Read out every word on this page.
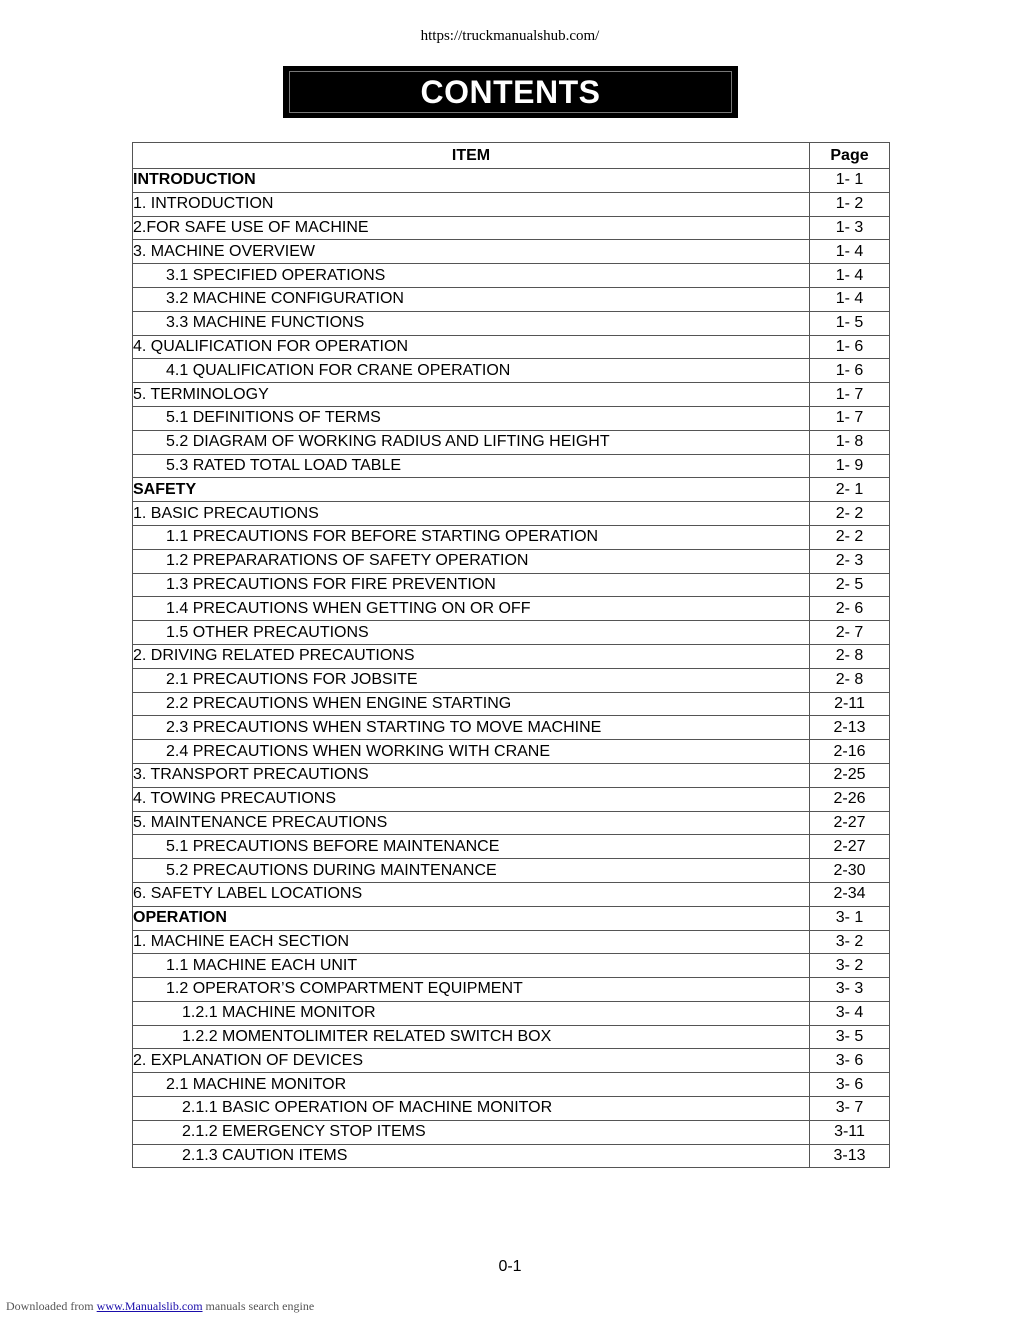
https://truckmanualshub.com/
CONTENTS
ITEM	Page
INTRODUCTION	1- 1
1. INTRODUCTION	1- 2
2.FOR SAFE USE OF MACHINE	1- 3
3. MACHINE OVERVIEW	1- 4
3.1 SPECIFIED OPERATIONS	1- 4
3.2 MACHINE CONFIGURATION	1- 4
3.3 MACHINE FUNCTIONS	1- 5
4. QUALIFICATION FOR OPERATION	1- 6
4.1 QUALIFICATION FOR CRANE OPERATION	1- 6
5. TERMINOLOGY	1- 7
5.1 DEFINITIONS OF TERMS	1- 7
5.2 DIAGRAM OF WORKING RADIUS AND LIFTING HEIGHT	1- 8
5.3 RATED TOTAL LOAD TABLE	1- 9
SAFETY	2- 1
1. BASIC PRECAUTIONS	2- 2
1.1 PRECAUTIONS FOR BEFORE STARTING OPERATION	2- 2
1.2 PREPARARATIONS OF SAFETY OPERATION	2- 3
1.3 PRECAUTIONS FOR FIRE PREVENTION	2- 5
1.4 PRECAUTIONS WHEN GETTING ON OR OFF	2- 6
1.5 OTHER PRECAUTIONS	2- 7
2. DRIVING RELATED PRECAUTIONS	2- 8
2.1 PRECAUTIONS FOR JOBSITE	2- 8
2.2 PRECAUTIONS WHEN ENGINE STARTING	2-11
2.3 PRECAUTIONS WHEN STARTING TO MOVE MACHINE	2-13
2.4 PRECAUTIONS WHEN WORKING WITH CRANE	2-16
3. TRANSPORT PRECAUTIONS	2-25
4. TOWING PRECAUTIONS	2-26
5. MAINTENANCE PRECAUTIONS	2-27
5.1 PRECAUTIONS BEFORE MAINTENANCE	2-27
5.2 PRECAUTIONS DURING MAINTENANCE	2-30
6. SAFETY LABEL LOCATIONS	2-34
OPERATION	3- 1
1. MACHINE EACH SECTION	3- 2
1.1 MACHINE EACH UNIT	3- 2
1.2 OPERATOR’S COMPARTMENT EQUIPMENT	3- 3
1.2.1 MACHINE MONITOR	3- 4
1.2.2 MOMENTOLIMITER RELATED SWITCH BOX	3- 5
2. EXPLANATION OF DEVICES	3- 6
2.1 MACHINE MONITOR	3- 6
2.1.1 BASIC OPERATION OF MACHINE MONITOR	3- 7
2.1.2 EMERGENCY STOP ITEMS	3-11
2.1.3 CAUTION ITEMS	3-13
0-1
Downloaded from www.Manualslib.com manuals search engine
